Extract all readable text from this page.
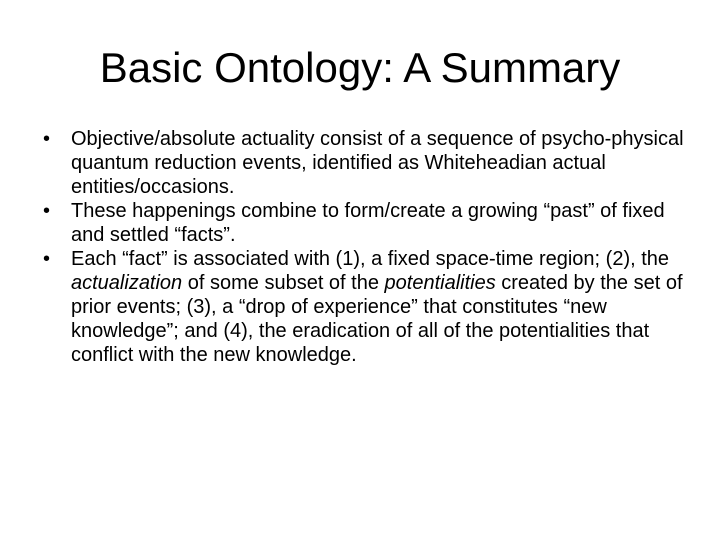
Basic Ontology: A Summary
• Objective/absolute actuality consist of a sequence of psycho-physical quantum reduction events, identified as Whiteheadian actual entities/occasions.
• These happenings combine to form/create a growing “past” of fixed and settled “facts”.
• Each “fact” is associated with (1), a fixed space-time region; (2), the actualization of some subset of the potentialities created by the set of prior events; (3), a “drop of experience” that constitutes “new knowledge”; and (4), the eradication of all of the potentialities that conflict with the new knowledge.
